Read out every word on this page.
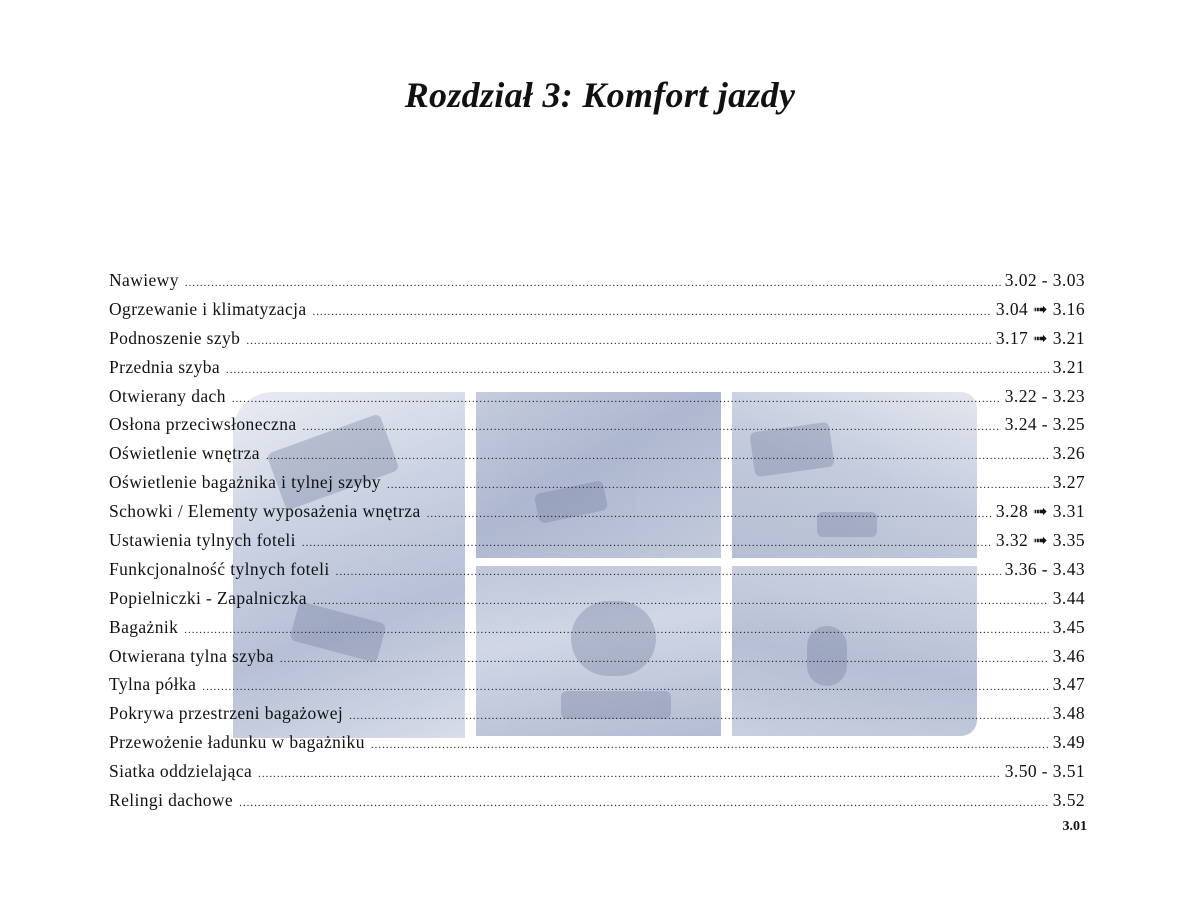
Rozdział 3: Komfort jazdy
Nawiewy .....	3.02 - 3.03
Ogrzewanie i klimatyzacja .....	3.04 ➟ 3.16
Podnoszenie szyb .....	3.17 ➟ 3.21
Przednia szyba .....	3.21
Otwierany dach .....	3.22 - 3.23
Osłona przeciwsłoneczna .....	3.24 - 3.25
Oświetlenie wnętrza .....	3.26
Oświetlenie bagażnika i tylnej szyby .....	3.27
Schowki / Elementy wyposażenia wnętrza .....	3.28 ➟ 3.31
Ustawienia tylnych foteli .....	3.32 ➟ 3.35
Funkcjonalność tylnych foteli .....	3.36 - 3.43
Popielniczki - Zapalniczka .....	3.44
Bagażnik .....	3.45
Otwierana tylna szyba .....	3.46
Tylna półka .....	3.47
Pokrywa przestrzeni bagażowej .....	3.48
Przewożenie ładunku w bagażniku .....	3.49
Siatka oddzielająca .....	3.50 - 3.51
Relingi dachowe .....	3.52
3.01
